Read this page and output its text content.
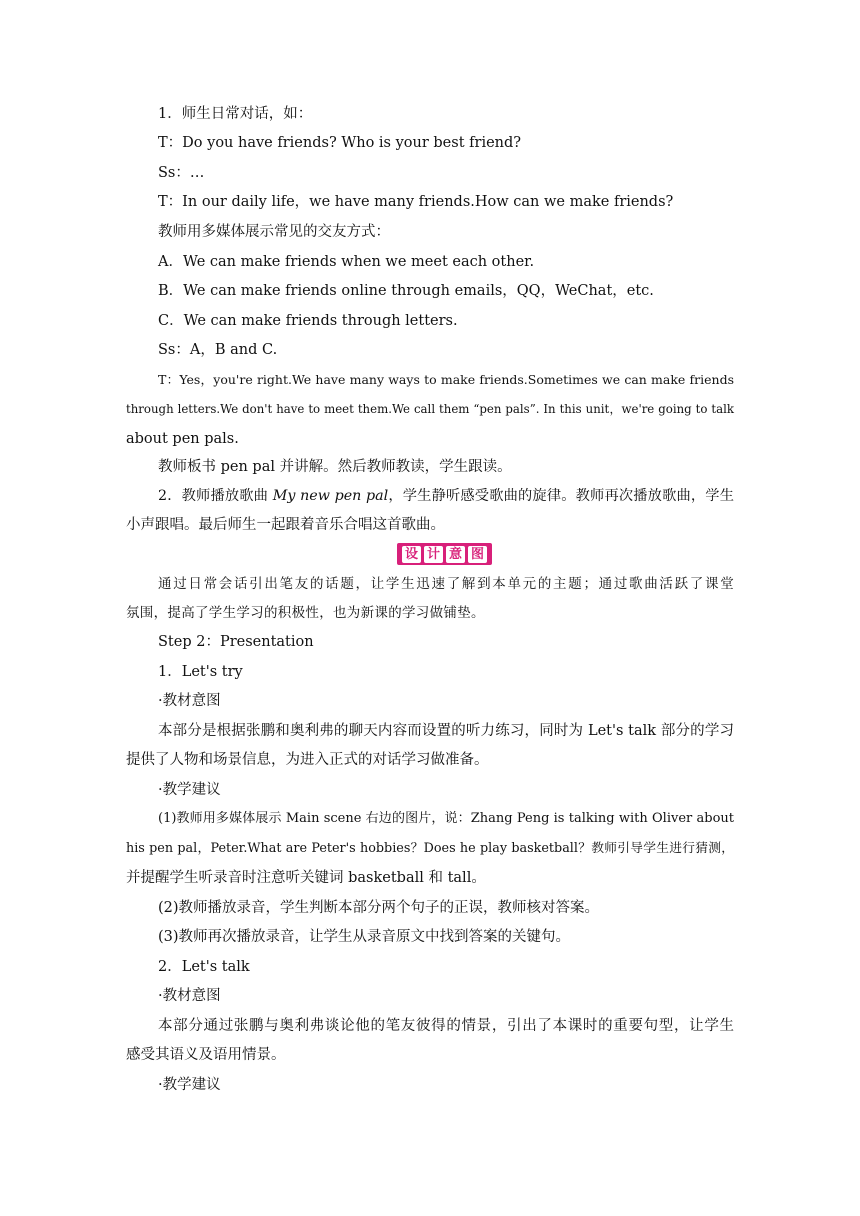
1．师生日常对话，如：
T：Do you have friends? Who is your best friend?
Ss：…
T：In our daily life，we have many friends.How can we make friends?
教师用多媒体展示常见的交友方式：
A．We can make friends when we meet each other.
B．We can make friends online through emails，QQ，WeChat，etc.
C．We can make friends through letters.
Ss：A，B and C.
T：Yes，you're right.We have many ways to make friends.Sometimes we can make friends
through letters.We don't have to meet them.We call them “pen pals”. In this unit，we're going to talk
about pen pals.
教师板书 pen pal 并讲解。然后教师教读，学生跟读。
2．教师播放歌曲 My new pen pal，学生静听感受歌曲的旋律。教师再次播放歌曲，学生
小声跟唱。最后师生一起跟着音乐合唱这首歌曲。
设 计 意 图
通过日常会话引出笔友的话题，让学生迅速了解到本单元的主题；通过歌曲活跃了课堂
氛围，提高了学生学习的积极性，也为新课的学习做铺垫。
Step 2：Presentation
1．Let's try
·教材意图
本部分是根据张鹏和奥利弗的聊天内容而设置的听力练习，同时为 Let's talk 部分的学习
提供了人物和场景信息，为进入正式的对话学习做准备。
·教学建议
(1)教师用多媒体展示 Main scene 右边的图片，说：Zhang Peng is talking with Oliver about
his pen pal，Peter.What are Peter's hobbies？Does he play basketball？教师引导学生进行猜测，
并提醒学生听录音时注意听关键词 basketball 和 tall。
(2)教师播放录音，学生判断本部分两个句子的正误，教师核对答案。
(3)教师再次播放录音，让学生从录音原文中找到答案的关键句。
2．Let's talk
·教材意图
本部分通过张鹏与奥利弗谈论他的笔友彼得的情景，引出了本课时的重要句型，让学生
感受其语义及语用情景。
·教学建议
